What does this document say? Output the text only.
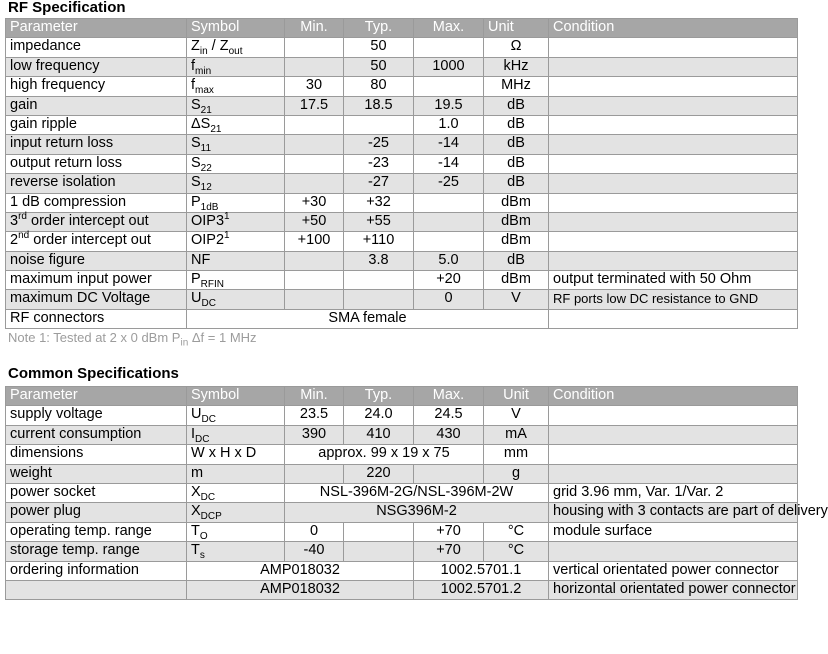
RF Specification
Parameter	Symbol	Min.	Typ.	Max.	Unit	Condition
impedance	$Z_{in} / Z_{out}$		50		Ω	
low frequency	$f_{min}$		50	1000	kHz	
high frequency	$f_{max}$	30	80		MHz	
gain	$S_{21}$	17.5	18.5	19.5	dB	
gain ripple	$\Delta S_{21}$			1.0	dB	
input return loss	$S_{11}$		-25	-14	dB	
output return loss	$S_{22}$		-23	-14	dB	
reverse isolation	$S_{12}$		-27	-25	dB	
1 dB compression	$P_{1dB}$	+30	+32		dBm	
3rd order intercept out	$OIP3^1$	+50	+55		dBm	
2nd order intercept out	$OIP2^1$	+100	+110		dBm	
noise figure	NF		3.8	5.0	dB	
maximum input power	$P_{RFIN}$			+20	dBm	output terminated with 50 Ohm
maximum DC Voltage	$U_{DC}$			0	V	RF ports low DC resistance to GND
RF connectors	SMA female					
Note 1: Tested at 2 x 0 dBm $P_{in}$ Δf = 1 MHz
Common Specifications
Parameter	Symbol	Min.	Typ.	Max.	Unit	Condition
supply voltage	$U_{DC}$	23.5	24.0	24.5	V	
current consumption	$I_{DC}$	390	410	430	mA	
dimensions	W x H x D	approx. 99 x 19 x 75			mm	
weight	m		220		g	
power socket	$X_{DC}$	NSL-396M-2G/NSL-396M-2W				grid 3.96 mm, Var. 1/Var. 2
power plug	$X_{DCP}$	NSG396M-2				housing with 3 contacts are part of delivery
operating temp. range	$T_O$	0		+70	°C	module surface
storage temp. range	$T_s$	-40		+70	°C	
ordering information	AMP018032			1002.5701.1		vertical orientated power connector
	AMP018032			1002.5701.2		horizontal orientated power connector
